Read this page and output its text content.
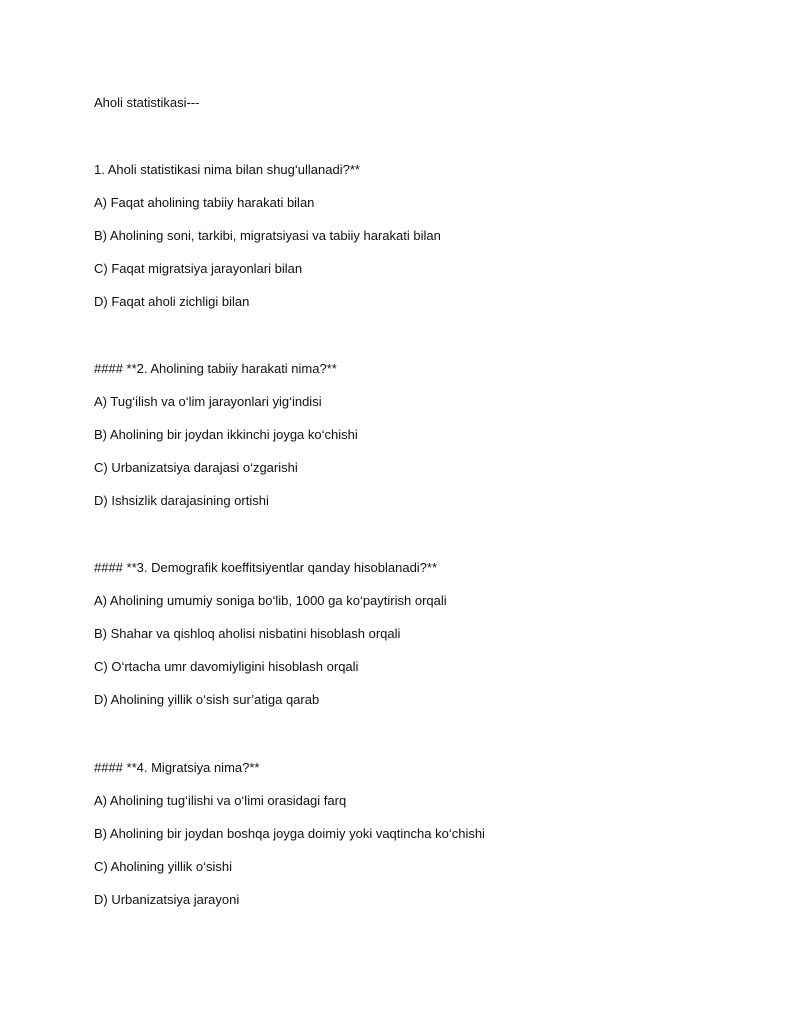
Aholi statistikasi---
1. Aholi statistikasi nima bilan shug‘ullanadi?**
A) Faqat aholining tabiiy harakati bilan
B) Aholining soni, tarkibi, migratsiyasi va tabiiy harakati bilan
C) Faqat migratsiya jarayonlari bilan
D) Faqat aholi zichligi bilan
#### **2. Aholining tabiiy harakati nima?**
A) Tug‘ilish va o‘lim jarayonlari yig‘indisi
B) Aholining bir joydan ikkinchi joyga ko‘chishi
C) Urbanizatsiya darajasi o‘zgarishi
D) Ishsizlik darajasining ortishi
#### **3. Demografik koeffitsiyentlar qanday hisoblanadi?**
A) Aholining umumiy soniga bo‘lib, 1000 ga ko‘paytirish orqali
B) Shahar va qishloq aholisi nisbatini hisoblash orqali
C) O‘rtacha umr davomiyligini hisoblash orqali
D) Aholining yillik o‘sish sur’atiga qarab
#### **4. Migratsiya nima?**
A) Aholining tug‘ilishi va o‘limi orasidagi farq
B) Aholining bir joydan boshqa joyga doimiy yoki vaqtincha ko‘chishi
C) Aholining yillik o‘sishi
D) Urbanizatsiya jarayoni
